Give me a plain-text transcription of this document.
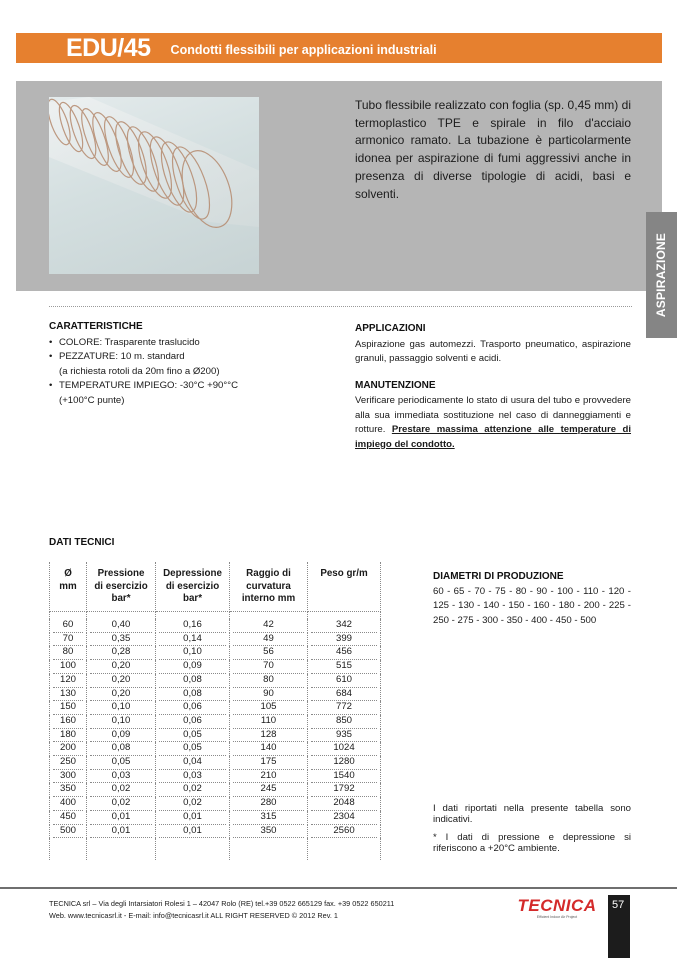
EDU/45 Condotti flessibili per applicazioni industriali
Tubo flessibile realizzato con foglia (sp. 0,45 mm) di termoplastico TPE e spirale in filo d'acciaio armonico ramato. La tubazione è particolarmente idonea per aspirazione di fumi aggressivi anche in presenza di diverse tipologie di acidi, basi e solventi.
ASPIRAZIONE
CARATTERISTICHE
• COLORE: Trasparente traslucido
• PEZZATURE: 10 m. standard
(a richiesta rotoli da 20m fino a Ø200)
• TEMPERATURE IMPIEGO: -30°C +90°°C
(+100°C punte)
APPLICAZIONI

Aspirazione gas automezzi. Trasporto pneumatico, aspirazione granuli, passaggio solventi e acidi.

MANUTENZIONE

Verificare periodicamente lo stato di usura del tubo e provvedere alla sua immediata sostituzione nel caso di danneggiamenti e rotture. Prestare massima attenzione alle temperature di impiego del condotto.

DATI TECNICI
Ø
mm

Pressione
di esercizio
bar*

Depressione
di esercizio
bar*

Raggio di
curvatura
interno mm

Peso gr/m

60	0,40	0,16	42	342

70	0,35	0,14	49	399

80	0,28	0,10	56	456

100	0,20	0,09	70	515

120	0,20	0,08	80	610

130	0,20	0,08	90	684

150	0,10	0,06	105	772

160	0,10	0,06	110	850

180	0,09	0,05	128	935

200	0,08	0,05	140	1024

250	0,05	0,04	175	1280

300	0,03	0,03	210	1540

350	0,02	0,02	245	1792

400	0,02	0,02	280	2048

450	0,01	0,01	315	2304

500	0,01	0,01	350	2560

DIAMETRI DI PRODUZIONE
60 - 65 - 70 - 75 - 80 - 90 - 100 - 110 - 120 - 125 - 130 - 140 - 150 - 160 - 180 - 200 - 225 - 250 - 275 - 300 - 350 - 400 - 450 - 500

I dati riportati nella presente tabella sono indicativi.

* I dati di pressione e depressione si riferiscono a +20°C ambiente.

TECNICA srl – Via degli Intarsiatori Rolesi 1 – 42047 Rolo (RE) tel.+39 0522 665129 fax. +39 0522 650211
Web. www.tecnicasrl.it - E-mail: info@tecnicasrl.it ALL RIGHT RESERVED © 2012 Rev. 1
TECNICA
Efficient Indoor Air Project
57
